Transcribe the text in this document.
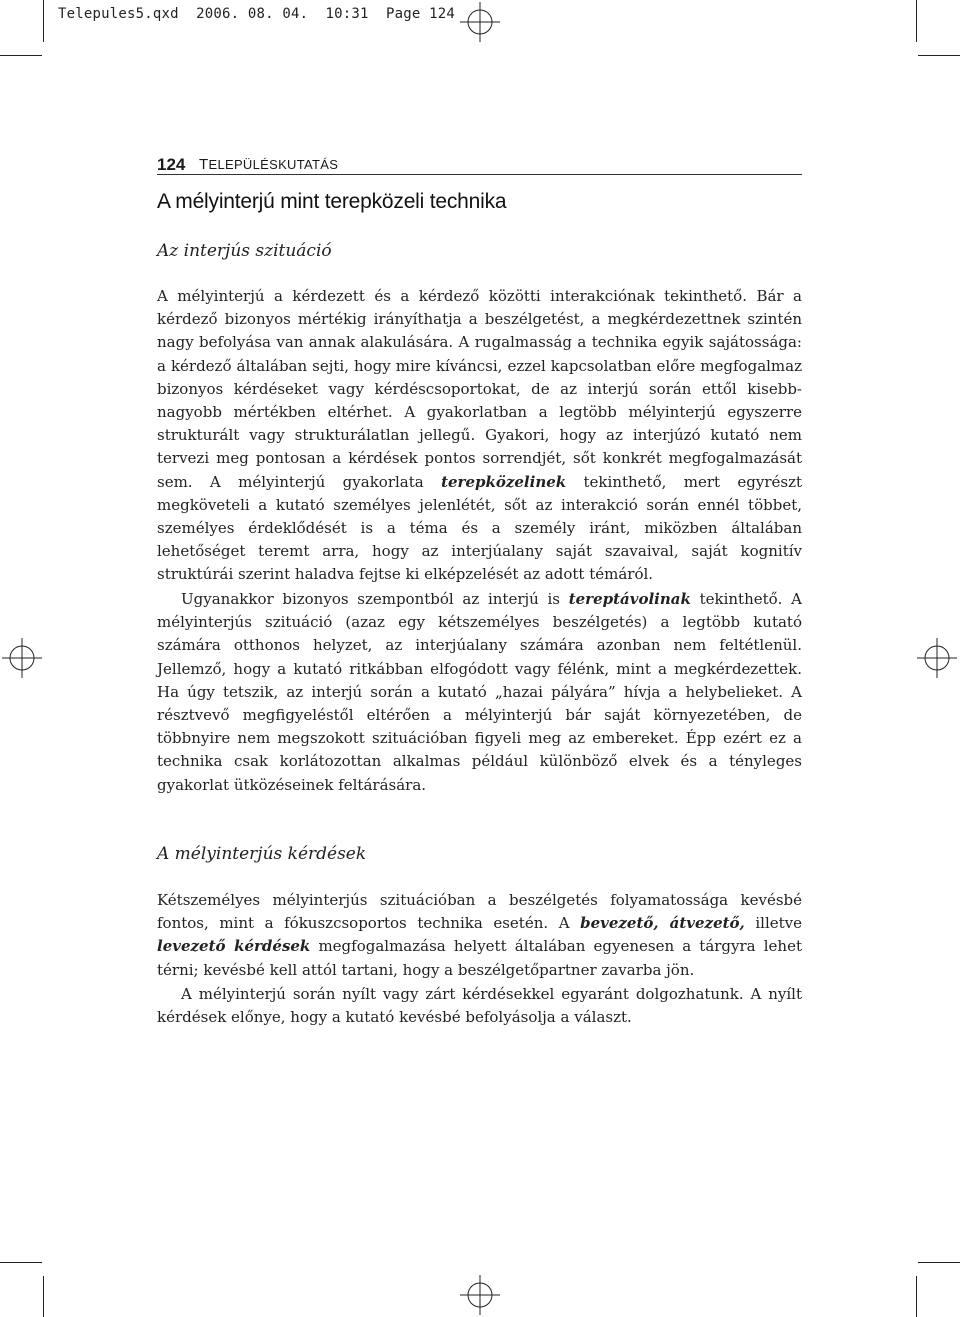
Telepules5.qxd 2006. 08. 04. 10:31 Page 124
124 TELEPÜLÉSKUTATÁS
A mélyinterjú mint terepközeli technika
Az interjús szituáció

A mélyinterjú a kérdezett és a kérdező közötti interakciónak tekinthető. Bár a kérdező bizonyos mértékig irányíthatja a beszélgetést, a megkérdezettnek szintén nagy befolyása van annak alakulására. A rugalmasság a technika egyik sajátossága: a kérdező általában sejti, hogy mire kíváncsi, ezzel kapcsolatban előre megfogalmaz bizonyos kérdéseket vagy kérdéscsoportokat, de az interjú során ettől kisebb-nagyobb mértékben eltérhet. A gyakorlatban a legtöbb mélyinterjú egyszerre strukturált vagy strukturálatlan jellegű. Gyakori, hogy az interjúzó kutató nem tervezi meg pontosan a kérdések pontos sorrendjét, sőt konkrét megfogalmazását sem. A mélyinterjú gyakorlata terepközelinek tekinthető, mert egyrészt megköveteli a kutató személyes jelenlétét, sőt az interakció során ennél többet, személyes érdeklődését is a téma és a személy iránt, miközben általában lehetőséget teremt arra, hogy az interjúalany saját szavaival, saját kognitív struktúrái szerint haladva fejtse ki elképzelését az adott témáról.

Ugyanakkor bizonyos szempontból az interjú is tereptávolinak tekinthető. A mélyinterjús szituáció (azaz egy kétszemélyes beszélgetés) a legtöbb kutató számára otthonos helyzet, az interjúalany számára azonban nem feltétlenül. Jellemző, hogy a kutató ritkábban elfogódott vagy félénk, mint a megkérdezettek. Ha úgy tetszik, az interjú során a kutató „hazai pályára” hívja a helybelieket. A résztvevő megfigyeléstől eltérően a mélyinterjú bár saját környezetében, de többnyire nem megszokott szituációban figyeli meg az embereket. Épp ezért ez a technika csak korlátozottan alkalmas például különböző elvek és a tényleges gyakorlat ütközéseinek feltárására.

A mélyinterjús kérdések

Kétszemélyes mélyinterjús szituációban a beszélgetés folyamatossága kevésbé fontos, mint a fókuszcsoportos technika esetén. A bevezető, átvezető, illetve levezető kérdések megfogalmazása helyett általában egyenesen a tárgyra lehet térni; kevésbé kell attól tartani, hogy a beszélgetőpartner zavarba jön.

A mélyinterjú során nyílt vagy zárt kérdésekkel egyaránt dolgozhatunk. A nyílt kérdések előnye, hogy a kutató kevésbé befolyásolja a választ.
